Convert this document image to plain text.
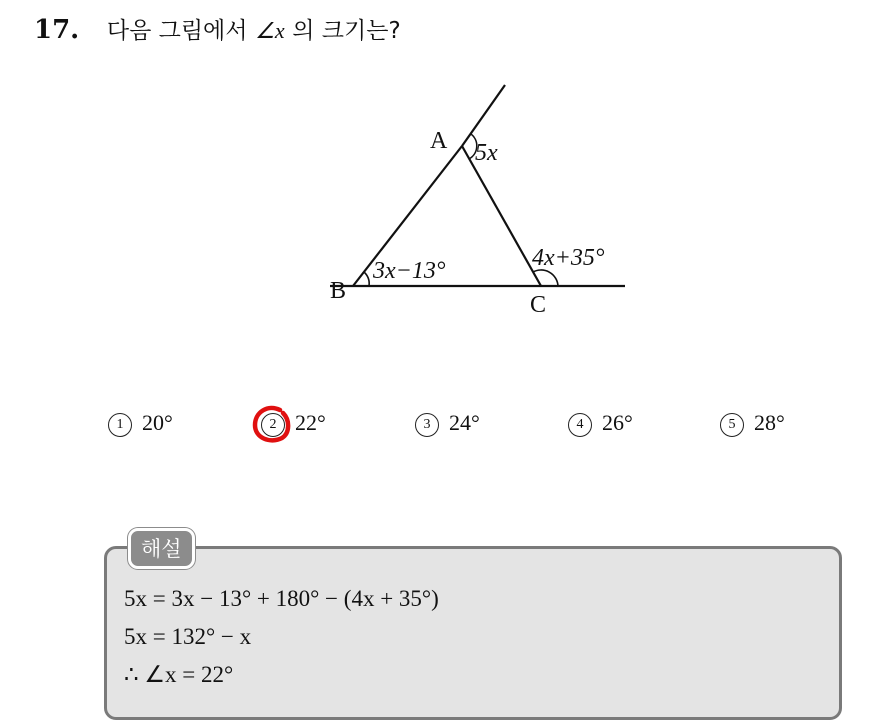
17. 다음 그림에서 ∠x 의 크기는?
A
B
C
5x
3x−13°	4x+35°
1 20°	2 22°	3 24°	4 26°	5 28°
해설
5x = 3x − 13° + 180° − (4x + 35°)
5x = 132° − x
∴ ∠x = 22°
